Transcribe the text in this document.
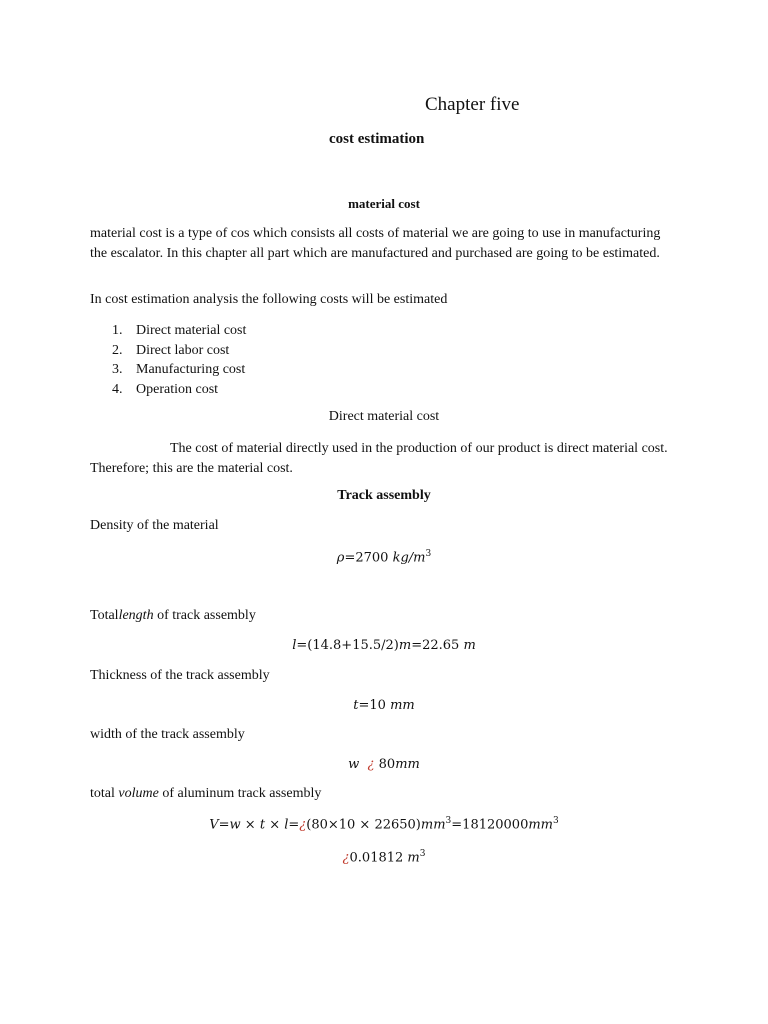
Chapter five
cost estimation
material cost
material cost is a type of cos which consists all costs of material we are going to use in manufacturing the escalator. In this chapter all part which are manufactured and purchased are going to be estimated.
In cost estimation analysis the following costs will be estimated
1. Direct material cost
2. Direct labor cost
3. Manufacturing cost
4. Operation cost
Direct material cost
The cost of material directly used in the production of our product is direct material cost. Therefore; this are the material cost.
Track assembly
Density of the material
ρ=2700 $kg/m^3$
Totallength of track assembly
l=(14.8+15.5/2)m=22.65 m
Thickness of the track assembly
t=10 mm
width of the track assembly
w ¿ 80mm
total volume of aluminum track assembly
V=w × t × l=¿(80×10 × $22650)mm^3=18120000mm^3$
¿0.01812 $m^3$
